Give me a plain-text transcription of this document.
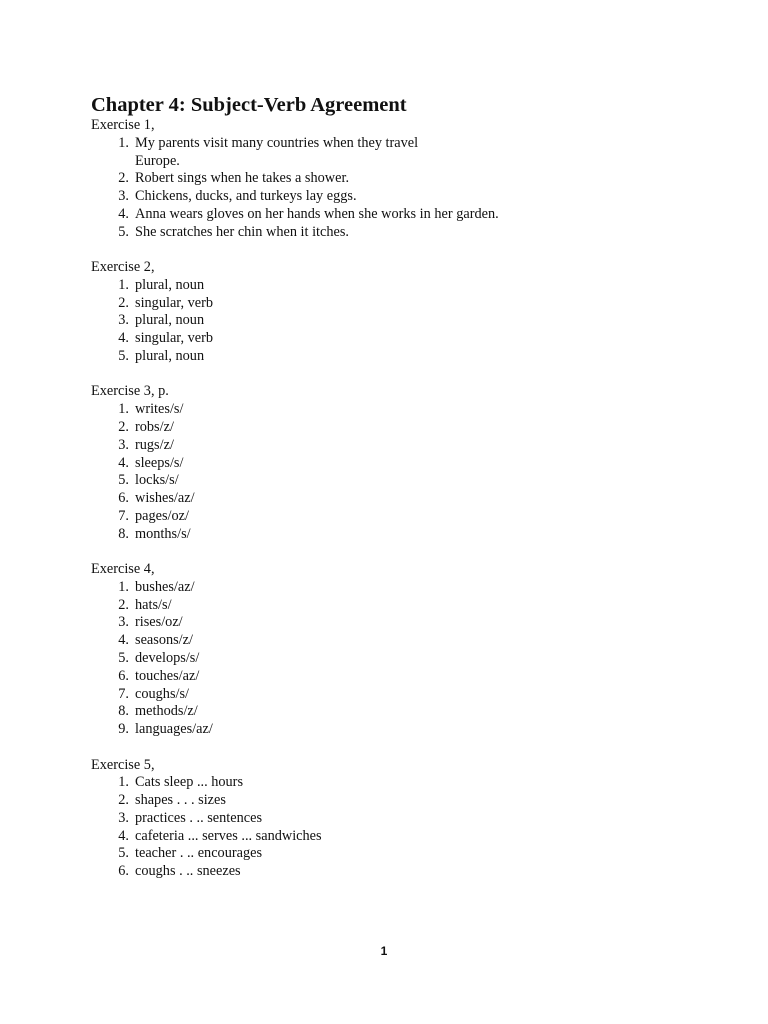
Chapter 4: Subject-Verb Agreement
Exercise 1,
1. My parents visit many countries when they travel
Europe.
2. Robert sings when he takes a shower.
3. Chickens, ducks, and turkeys lay eggs.
4. Anna wears gloves on her hands when she works in her garden.
5. She scratches her chin when it itches.
Exercise 2,
1. plural, noun
2. singular, verb
3. plural, noun
4. singular, verb
5. plural, noun
Exercise 3, p.
1. writes/s/
2. robs/z/
3. rugs/z/
4. sleeps/s/
5. locks/s/
6. wishes/az/
7. pages/oz/
8. months/s/
Exercise 4,
1. bushes/az/
2. hats/s/
3. rises/oz/
4. seasons/z/
5. develops/s/
6. touches/az/
7. coughs/s/
8. methods/z/
9. languages/az/
Exercise 5,
1. Cats sleep ... hours
2. shapes . . . sizes
3. practices . .. sentences
4. cafeteria ... serves ... sandwiches
5. teacher . .. encourages
6. coughs . .. sneezes
1
